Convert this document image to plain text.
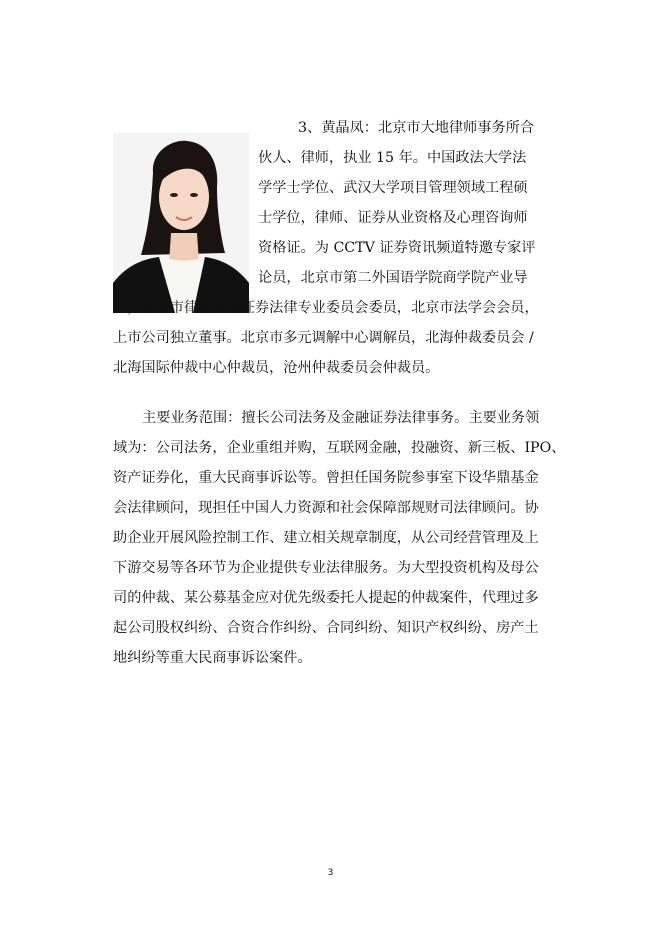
3、黄晶凤：北京市大地律师事务所合
伙人、律师，执业 15 年。中国政法大学法
学学士学位、武汉大学项目管理领域工程硕
士学位，律师、证券从业资格及心理咨询师
资格证。为 CCTV 证券资讯频道特邀专家评
论员，北京市第二外国语学院商学院产业导
师，北京市律师协会证券法律专业委员会委员，北京市法学会会员，
上市公司独立董事。北京市多元调解中心调解员，北海仲裁委员会 /
北海国际仲裁中心仲裁员，沧州仲裁委员会仲裁员。
主要业务范围：擅长公司法务及金融证券法律事务。主要业务领
域为：公司法务，企业重组并购，互联网金融，投融资、新三板、IPO、
资产证券化，重大民商事诉讼等。曾担任国务院参事室下设华鼎基金
会法律顾问，现担任中国人力资源和社会保障部规财司法律顾问。协
助企业开展风险控制工作、建立相关规章制度，从公司经营管理及上
下游交易等各环节为企业提供专业法律服务。为大型投资机构及母公
司的仲裁、某公募基金应对优先级委托人提起的仲裁案件，代理过多
起公司股权纠纷、合资合作纠纷、合同纠纷、知识产权纠纷、房产土
地纠纷等重大民商事诉讼案件。
3
